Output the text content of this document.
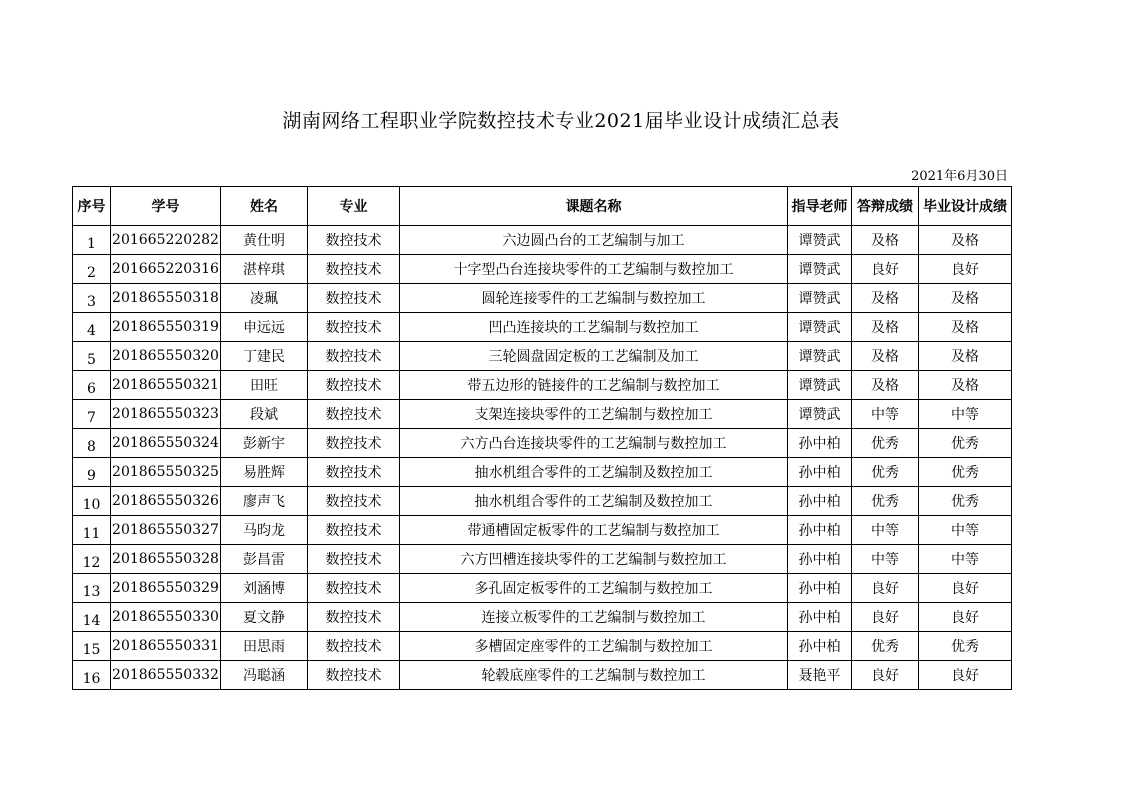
湖南网络工程职业学院数控技术专业2021届毕业设计成绩汇总表
2021年6月30日
序号	学号	姓名	专业	课题名称	指导老师	答辩成绩	毕业设计成绩
1	201665220282	黄仕明	数控技术	六边圆凸台的工艺编制与加工	谭赞武	及格	及格
2	201665220316	湛梓琪	数控技术	十字型凸台连接块零件的工艺编制与数控加工	谭赞武	良好	良好
3	201865550318	凌珮	数控技术	圆轮连接零件的工艺编制与数控加工	谭赞武	及格	及格
4	201865550319	申远远	数控技术	凹凸连接块的工艺编制与数控加工	谭赞武	及格	及格
5	201865550320	丁建民	数控技术	三轮圆盘固定板的工艺编制及加工	谭赞武	及格	及格
6	201865550321	田旺	数控技术	带五边形的链接件的工艺编制与数控加工	谭赞武	及格	及格
7	201865550323	段斌	数控技术	支架连接块零件的工艺编制与数控加工	谭赞武	中等	中等
8	201865550324	彭新宇	数控技术	六方凸台连接块零件的工艺编制与数控加工	孙中柏	优秀	优秀
9	201865550325	易胜辉	数控技术	抽水机组合零件的工艺编制及数控加工	孙中柏	优秀	优秀
10	201865550326	廖声飞	数控技术	抽水机组合零件的工艺编制及数控加工	孙中柏	优秀	优秀
11	201865550327	马昀龙	数控技术	带通槽固定板零件的工艺编制与数控加工	孙中柏	中等	中等
12	201865550328	彭昌雷	数控技术	六方凹槽连接块零件的工艺编制与数控加工	孙中柏	中等	中等
13	201865550329	刘涵博	数控技术	多孔固定板零件的工艺编制与数控加工	孙中柏	良好	良好
14	201865550330	夏文静	数控技术	连接立板零件的工艺编制与数控加工	孙中柏	良好	良好
15	201865550331	田思雨	数控技术	多槽固定座零件的工艺编制与数控加工	孙中柏	优秀	优秀
16	201865550332	冯聪涵	数控技术	轮毂底座零件的工艺编制与数控加工	聂艳平	良好	良好
